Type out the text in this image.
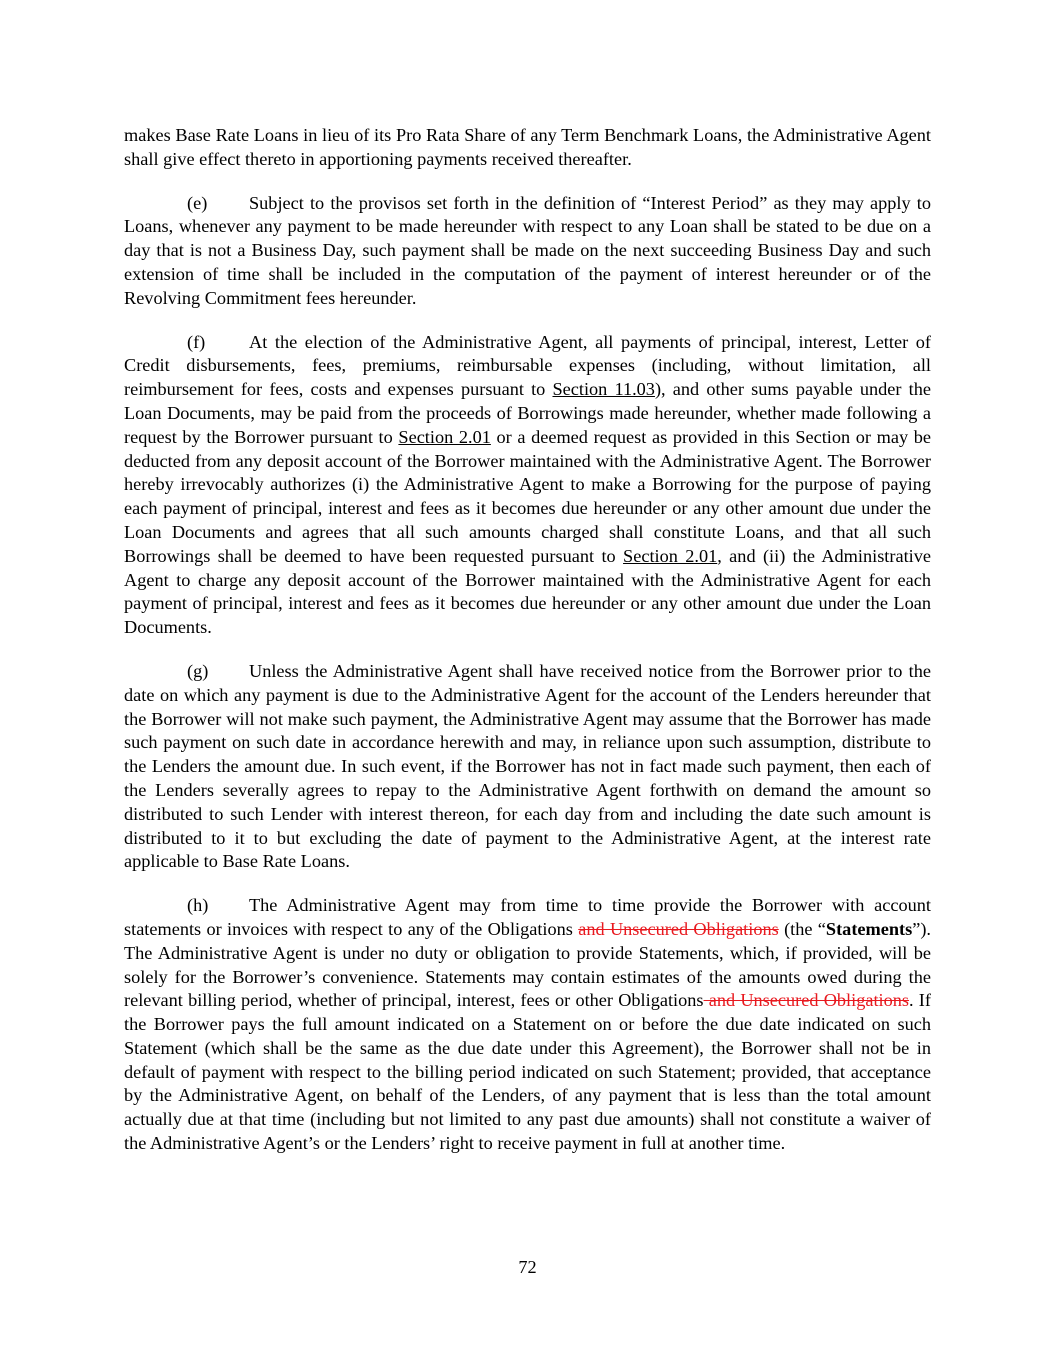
makes Base Rate Loans in lieu of its Pro Rata Share of any Term Benchmark Loans, the Administrative Agent shall give effect thereto in apportioning payments received thereafter.

(e) Subject to the provisos set forth in the definition of “Interest Period” as they may apply to Loans, whenever any payment to be made hereunder with respect to any Loan shall be stated to be due on a day that is not a Business Day, such payment shall be made on the next succeeding Business Day and such extension of time shall be included in the computation of the payment of interest hereunder or of the Revolving Commitment fees hereunder.

(f) At the election of the Administrative Agent, all payments of principal, interest, Letter of Credit disbursements, fees, premiums, reimbursable expenses (including, without limitation, all reimbursement for fees, costs and expenses pursuant to Section 11.03), and other sums payable under the Loan Documents, may be paid from the proceeds of Borrowings made hereunder, whether made following a request by the Borrower pursuant to Section 2.01 or a deemed request as provided in this Section or may be deducted from any deposit account of the Borrower maintained with the Administrative Agent. The Borrower hereby irrevocably authorizes (i) the Administrative Agent to make a Borrowing for the purpose of paying each payment of principal, interest and fees as it becomes due hereunder or any other amount due under the Loan Documents and agrees that all such amounts charged shall constitute Loans, and that all such Borrowings shall be deemed to have been requested pursuant to Section 2.01, and (ii) the Administrative Agent to charge any deposit account of the Borrower maintained with the Administrative Agent for each payment of principal, interest and fees as it becomes due hereunder or any other amount due under the Loan Documents.

(g) Unless the Administrative Agent shall have received notice from the Borrower prior to the date on which any payment is due to the Administrative Agent for the account of the Lenders hereunder that the Borrower will not make such payment, the Administrative Agent may assume that the Borrower has made such payment on such date in accordance herewith and may, in reliance upon such assumption, distribute to the Lenders the amount due. In such event, if the Borrower has not in fact made such payment, then each of the Lenders severally agrees to repay to the Administrative Agent forthwith on demand the amount so distributed to such Lender with interest thereon, for each day from and including the date such amount is distributed to it to but excluding the date of payment to the Administrative Agent, at the interest rate applicable to Base Rate Loans.

(h) The Administrative Agent may from time to time provide the Borrower with account statements or invoices with respect to any of the Obligations and Unsecured Obligations (the “Statements”). The Administrative Agent is under no duty or obligation to provide Statements, which, if provided, will be solely for the Borrower’s convenience. Statements may contain estimates of the amounts owed during the relevant billing period, whether of principal, interest, fees or other Obligations and Unsecured Obligations. If the Borrower pays the full amount indicated on a Statement on or before the due date indicated on such Statement (which shall be the same as the due date under this Agreement), the Borrower shall not be in default of payment with respect to the billing period indicated on such Statement; provided, that acceptance by the Administrative Agent, on behalf of the Lenders, of any payment that is less than the total amount actually due at that time (including but not limited to any past due amounts) shall not constitute a waiver of the Administrative Agent’s or the Lenders’ right to receive payment in full at another time.

72
